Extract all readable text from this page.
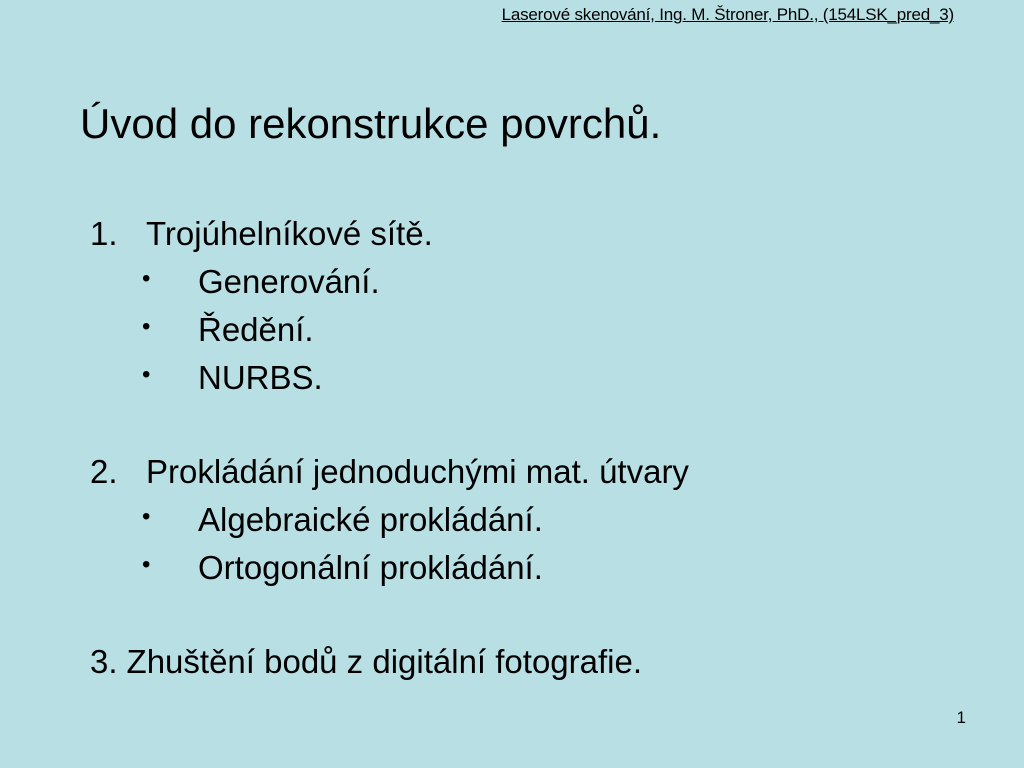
Laserové skenování, Ing. M. Štroner, PhD., (154LSK_pred_3)
Úvod do rekonstrukce povrchů.
1. Trojúhelníkové sítě.
• Generování.
• Ředění.
• NURBS.
2. Prokládání jednoduchými mat. útvary
• Algebraické prokládání.
• Ortogonální prokládání.
3. Zhuštění bodů z digitální fotografie.
1
